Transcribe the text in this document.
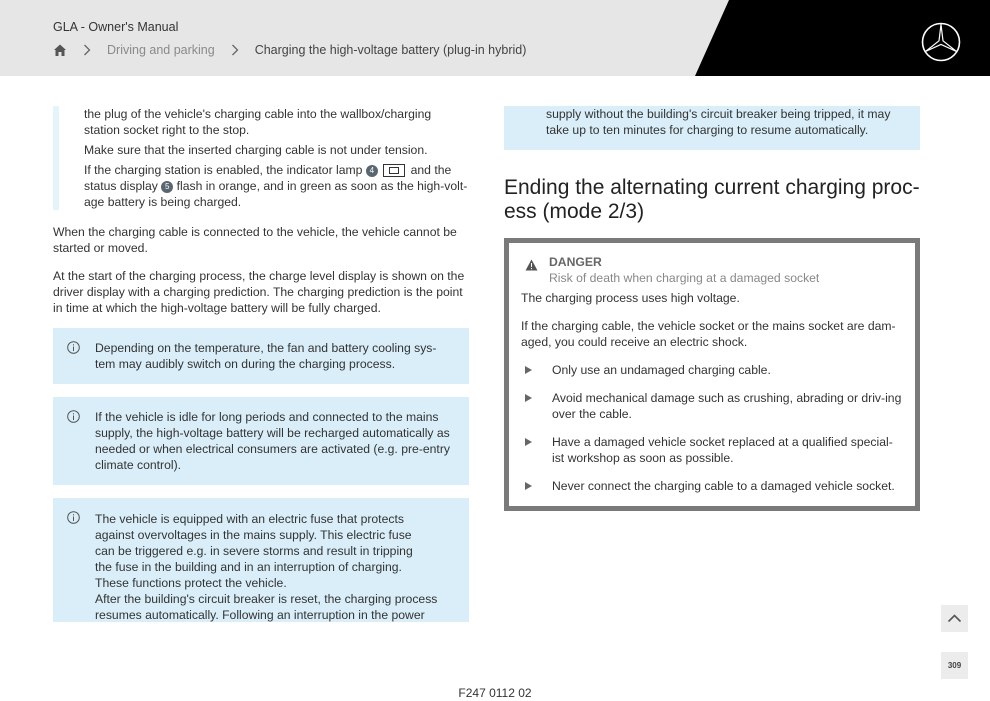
GLA - Owner's Manual
Driving and parking	Charging the high-voltage battery (plug-in hybrid)

the plug of the vehicle's charging cable into the wallbox/charging station socket right to the stop.

Make sure that the inserted charging cable is not under tension.

If the charging station is enabled, the indicator lamp 4	and the status display 5 flash in orange, and in green as soon as the high-volt-age battery is being charged.

When the charging cable is connected to the vehicle, the vehicle cannot be started or moved.

At the start of the charging process, the charge level display is shown on the driver display with a charging prediction. The charging prediction is the point in time at which the high-voltage battery will be fully charged.

Depending on the temperature, the fan and battery cooling sys-tem may audibly switch on during the charging process.

If the vehicle is idle for long periods and connected to the mains supply, the high-voltage battery will be recharged automatically as needed or when electrical consumers are activated (e.g. pre-entry climate control).

The vehicle is equipped with an electric fuse that protects against overvoltages in the mains supply. This electric fuse can be triggered e.g. in severe storms and result in tripping the fuse in the building and in an interruption of charging. These functions protect the vehicle.

After the building's circuit breaker is reset, the charging process resumes automatically. Following an interruption in the power

supply without the building's circuit breaker being tripped, it may take up to ten minutes for charging to resume automatically.

Ending the alternating current charging proc-ess (mode 2/3)
DANGER
Risk of death when charging at a damaged socket

The charging process uses high voltage.

If the charging cable, the vehicle socket or the mains socket are dam-aged, you could receive an electric shock.

Only use an undamaged charging cable.
Avoid mechanical damage such as crushing, abrading or driv-ing over the cable.
Have a damaged vehicle socket replaced at a qualified special-ist workshop as soon as possible.
Never connect the charging cable to a damaged vehicle socket.
309
F247 0112 02
